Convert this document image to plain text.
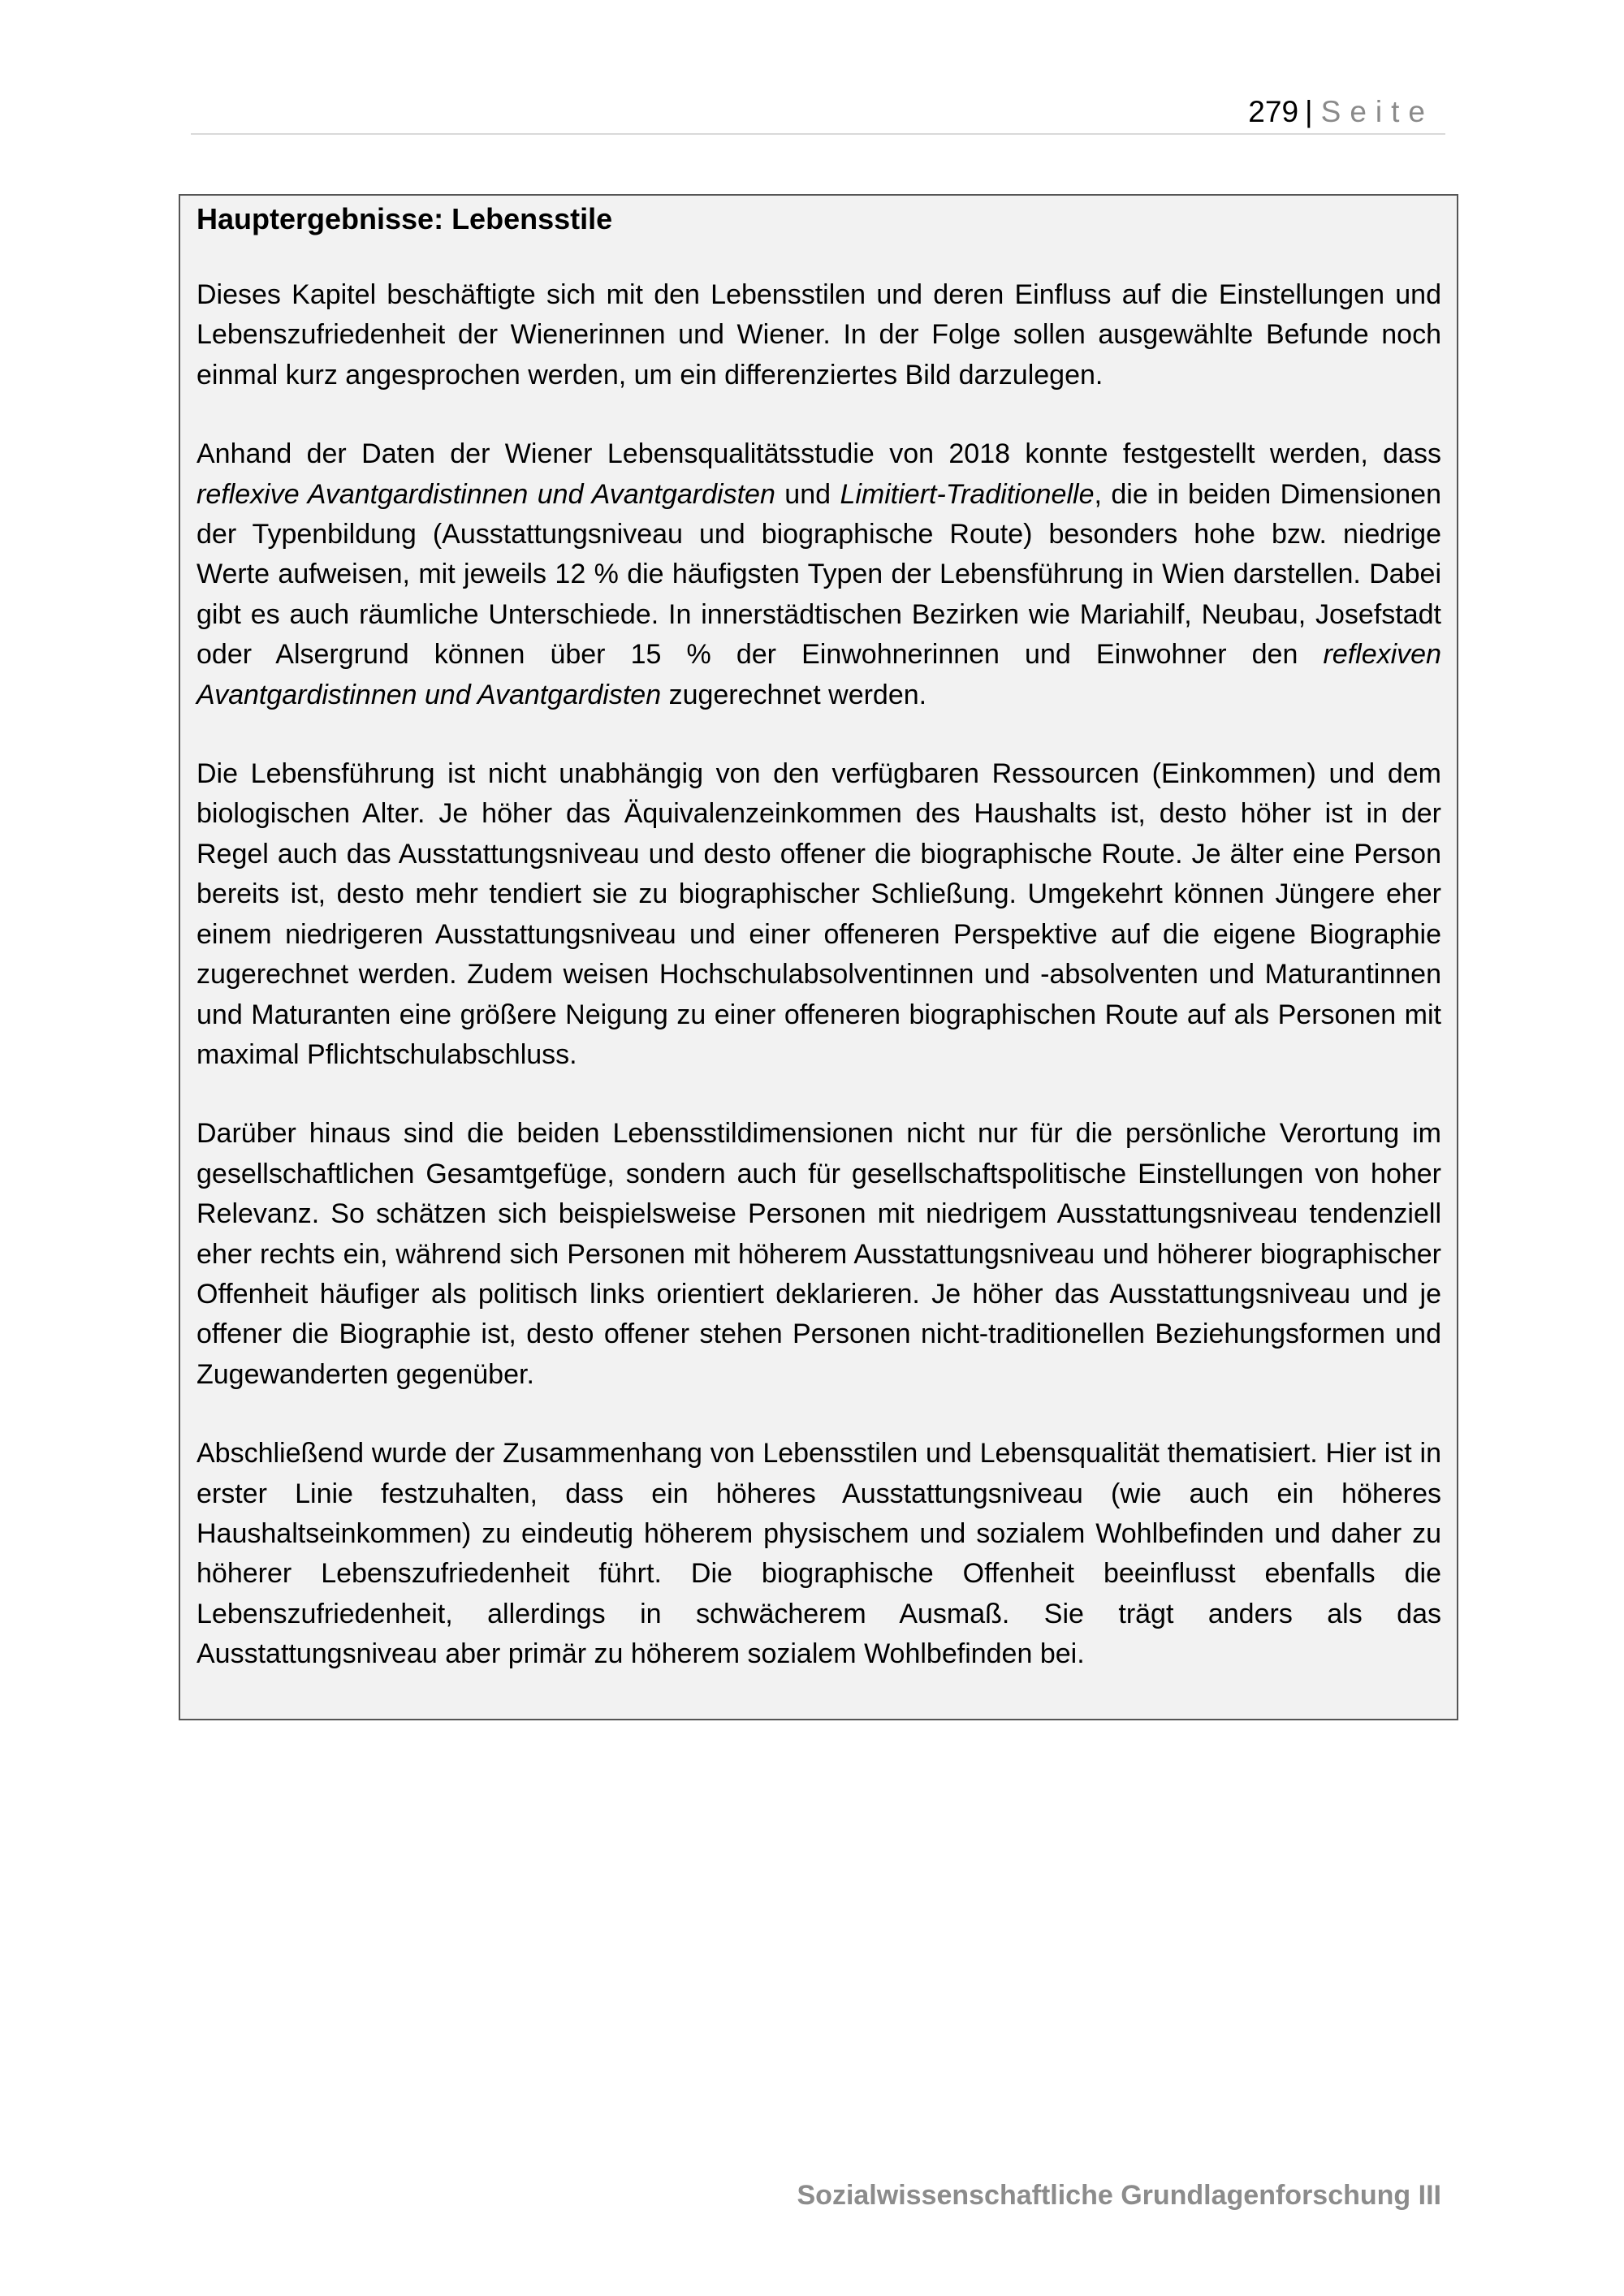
279 | Seite
Hauptergebnisse: Lebensstile

Dieses Kapitel beschäftigte sich mit den Lebensstilen und deren Einfluss auf die Einstellungen und Lebenszufriedenheit der Wienerinnen und Wiener. In der Folge sollen ausgewählte Befunde noch einmal kurz angesprochen werden, um ein differenziertes Bild darzulegen.

Anhand der Daten der Wiener Lebensqualitätsstudie von 2018 konnte festgestellt werden, dass reflexive Avantgardistinnen und Avantgardisten und Limitiert-Traditionelle, die in beiden Dimensionen der Typenbildung (Ausstattungsniveau und biographische Route) besonders hohe bzw. niedrige Werte aufweisen, mit jeweils 12 % die häufigsten Typen der Lebensführung in Wien darstellen. Dabei gibt es auch räumliche Unterschiede. In innerstädtischen Bezirken wie Mariahilf, Neubau, Josefstadt oder Alsergrund können über 15 % der Einwohnerinnen und Einwohner den reflexiven Avantgardistinnen und Avantgardisten zugerechnet werden.

Die Lebensführung ist nicht unabhängig von den verfügbaren Ressourcen (Einkommen) und dem biologischen Alter. Je höher das Äquivalenzeinkommen des Haushalts ist, desto höher ist in der Regel auch das Ausstattungsniveau und desto offener die biographische Route. Je älter eine Person bereits ist, desto mehr tendiert sie zu biographischer Schließung. Umgekehrt können Jüngere eher einem niedrigeren Ausstattungsniveau und einer offeneren Perspektive auf die eigene Biographie zugerechnet werden. Zudem weisen Hochschulabsolventinnen und -absolventen und Maturantinnen und Maturanten eine größere Neigung zu einer offeneren biographischen Route auf als Personen mit maximal Pflichtschulabschluss.

Darüber hinaus sind die beiden Lebensstildimensionen nicht nur für die persönliche Verortung im gesellschaftlichen Gesamtgefüge, sondern auch für gesellschaftspolitische Einstellungen von hoher Relevanz. So schätzen sich beispielsweise Personen mit niedrigem Ausstattungsniveau tendenziell eher rechts ein, während sich Personen mit höherem Ausstattungsniveau und höherer biographischer Offenheit häufiger als politisch links orientiert deklarieren. Je höher das Ausstattungsniveau und je offener die Biographie ist, desto offener stehen Personen nicht-traditionellen Beziehungsformen und Zugewanderten gegenüber.

Abschließend wurde der Zusammenhang von Lebensstilen und Lebensqualität thematisiert. Hier ist in erster Linie festzuhalten, dass ein höheres Ausstattungsniveau (wie auch ein höheres Haushaltseinkommen) zu eindeutig höherem physischem und sozialem Wohlbefinden und daher zu höherer Lebenszufriedenheit führt. Die biographische Offenheit beeinflusst ebenfalls die Lebenszufriedenheit, allerdings in schwächerem Ausmaß. Sie trägt anders als das Ausstattungsniveau aber primär zu höherem sozialem Wohlbefinden bei.

Sozialwissenschaftliche Grundlagenforschung III
